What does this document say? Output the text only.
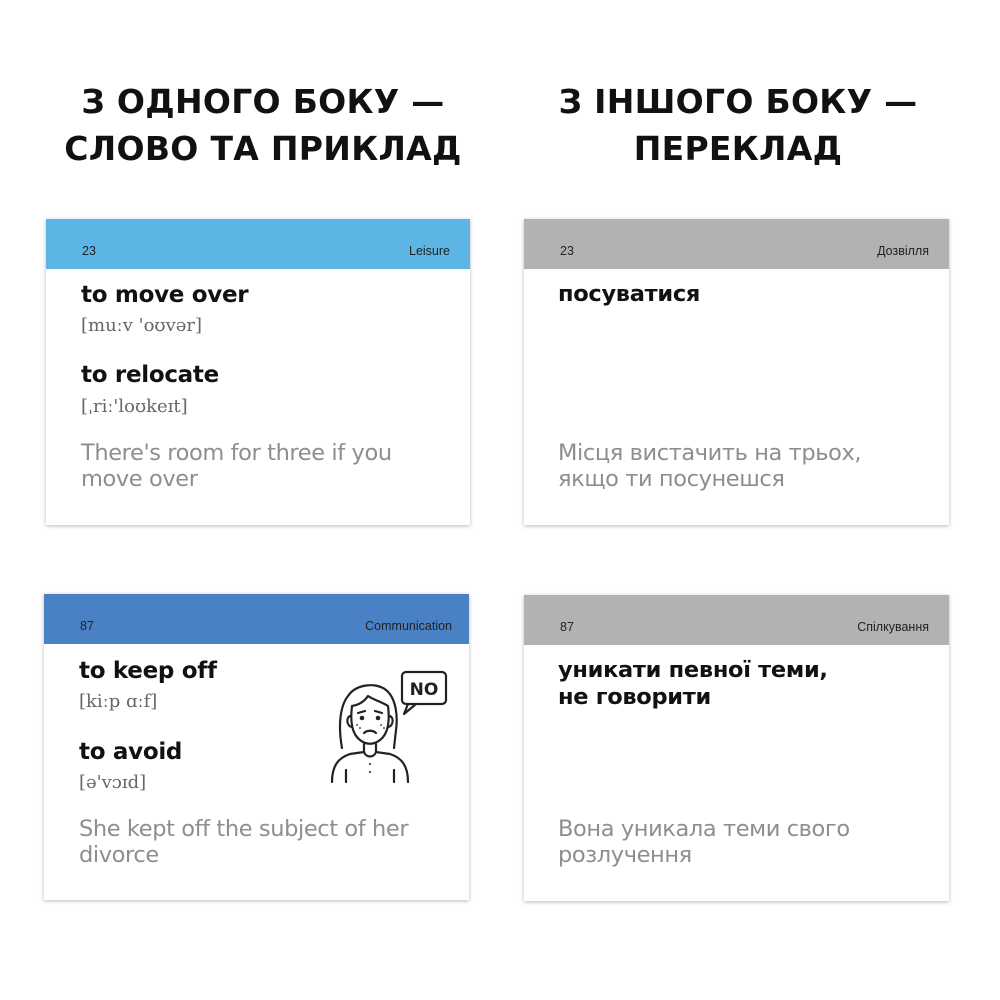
З ОДНОГО БОКУ —
СЛОВО ТА ПРИКЛАД
З ІНШОГО БОКУ —
ПЕРЕКЛАД
23	Leisure
to move over
[muːv 'oʊvər]
to relocate
[ˌriː'loʊkeɪt]
There's room for three if you
move over
23	Дозвілля
посуватися
Місця вистачить на трьох,
якщо ти посунешся
87	Communication
to keep off
[kiːp ɑːf]
to avoid
[ə'vɔɪd]
She kept off the subject of her
divorce
NO
87	Спілкування
уникати певної теми,
не говорити
Вона уникала теми свого
розлучення
